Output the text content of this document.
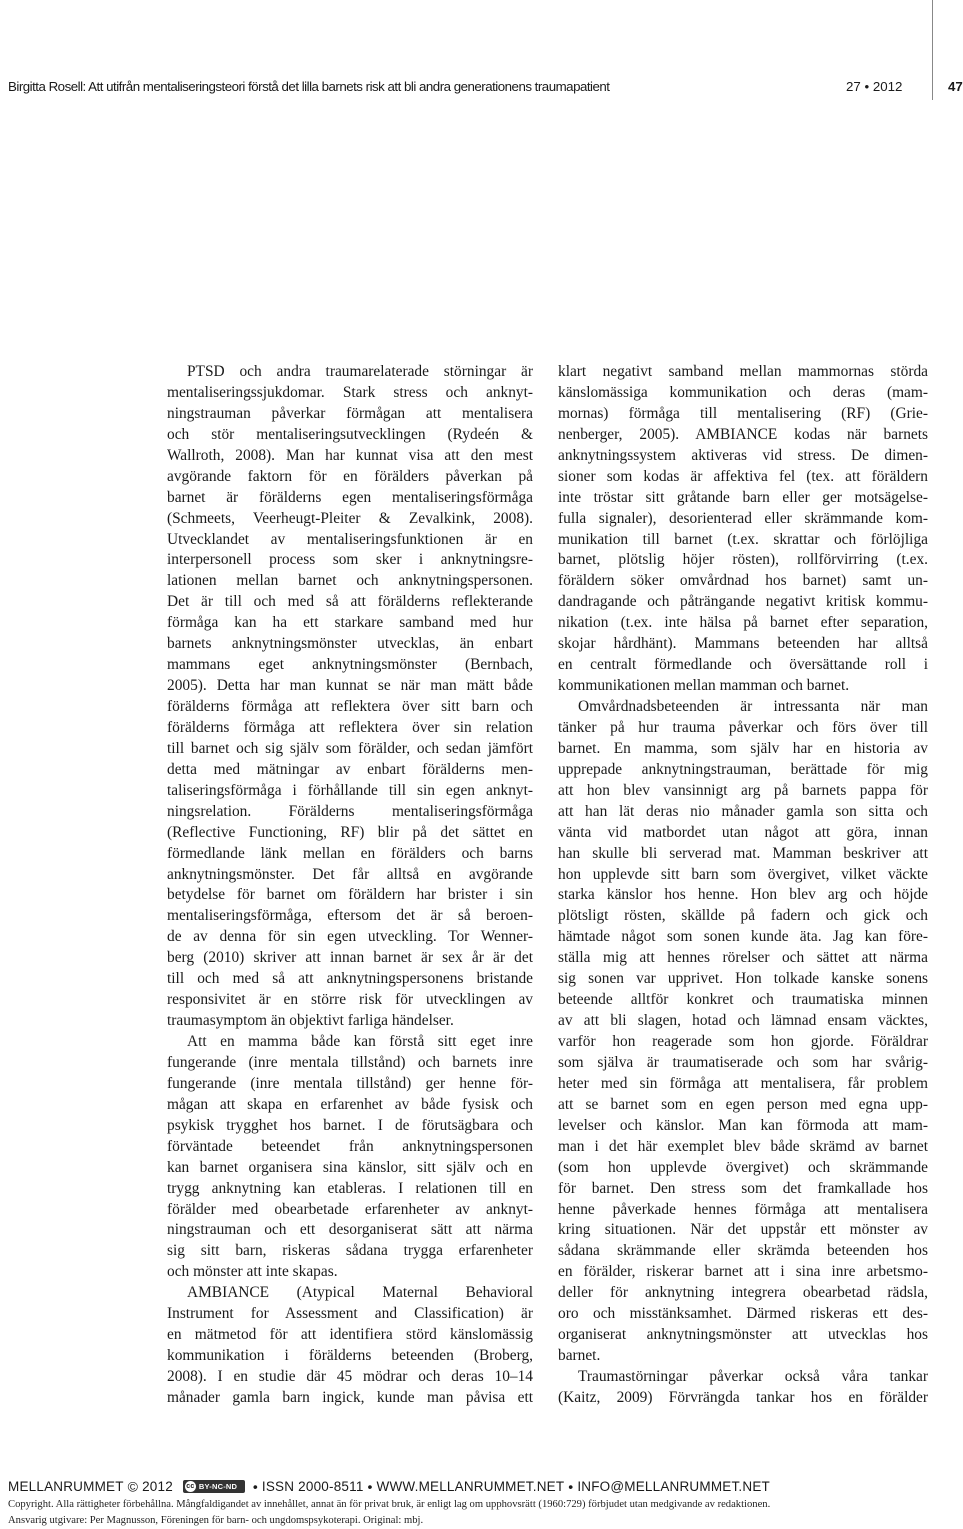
Birgitta Rosell: Att utifrån mentaliseringsteori förstå det lilla barnets risk att bli andra generationens traumapatient	27 • 2012	47
PTSD och andra traumarelaterade störningar är
mentaliseringssjukdomar. Stark stress och anknyt-
ningstrauman påverkar förmågan att mentalisera
och stör mentaliseringsutvecklingen (Rydeén &
Wallroth, 2008). Man har kunnat visa att den mest
avgörande faktorn för en förälders påverkan på
barnet är förälderns egen mentaliseringsförmåga
(Schmeets, Veerheugt-Pleiter & Zevalkink, 2008).
Utvecklandet av mentaliseringsfunktionen är en
interpersonell process som sker i anknytningsre-
lationen mellan barnet och anknytningspersonen.
Det är till och med så att förälderns reflekterande
förmåga kan ha ett starkare samband med hur
barnets anknytningsmönster utvecklas, än enbart
mammans eget anknytningsmönster (Bernbach,
2005). Detta har man kunnat se när man mätt både
förälderns förmåga att reflektera över sitt barn och
förälderns förmåga att reflektera över sin relation
till barnet och sig själv som förälder, och sedan jämfört
detta med mätningar av enbart förälderns men-
taliseringsförmåga i förhållande till sin egen anknyt-
ningsrelation. Förälderns mentaliseringsförmåga
(Reflective Functioning, RF) blir på det sättet en
förmedlande länk mellan en förälders och barns
anknytningsmönster. Det får alltså en avgörande
betydelse för barnet om föräldern har brister i sin
mentaliseringsförmåga, eftersom det är så beroen-
de av denna för sin egen utveckling. Tor Wenner-
berg (2010) skriver att innan barnet är sex år är det
till och med så att anknytningspersonens bristande
responsivitet är en större risk för utvecklingen av
traumasymptom än objektivt farliga händelser.
Att en mamma både kan förstå sitt eget inre
fungerande (inre mentala tillstånd) och barnets inre
fungerande (inre mentala tillstånd) ger henne för-
mågan att skapa en erfarenhet av både fysisk och
psykisk trygghet hos barnet. I de förutsägbara och
förväntade beteendet från anknytningspersonen
kan barnet organisera sina känslor, sitt själv och en
trygg anknytning kan etableras. I relationen till en
förälder med obearbetade erfarenheter av anknyt-
ningstrauman och ett desorganiserat sätt att närma
sig sitt barn, riskeras sådana trygga erfarenheter
och mönster att inte skapas.
AMBIANCE (Atypical Maternal Behavioral
Instrument for Assessment and Classification) är
en mätmetod för att identifiera störd känslomässig
kommunikation i förälderns beteenden (Broberg,
2008). I en studie där 45 mödrar och deras 10–14
månader gamla barn ingick, kunde man påvisa ett
klart negativt samband mellan mammornas störda
känslomässiga kommunikation och deras (mam-
mornas) förmåga till mentalisering (RF) (Grie-
nenberger, 2005). AMBIANCE kodas när barnets
anknytningssystem aktiveras vid stress. De dimen-
sioner som kodas är affektiva fel (tex. att föräldern
inte tröstar sitt gråtande barn eller ger motsägelse-
fulla signaler), desorienterad eller skrämmande kom-
munikation till barnet (t.ex. skrattar och förlöjliga
barnet, plötslig höjer rösten), rollförvirring (t.ex.
föräldern söker omvårdnad hos barnet) samt un-
dandragande och påträngande negativt kritisk kommu-
nikation (t.ex. inte hälsa på barnet efter separation,
skojar hårdhänt). Mammans beteenden har alltså
en centralt förmedlande och översättande roll i
kommunikationen mellan mamman och barnet.
Omvårdnadsbeteenden är intressanta när man
tänker på hur trauma påverkar och förs över till
barnet. En mamma, som själv har en historia av
upprepade anknytningstrauman, berättade för mig
att hon blev vansinnigt arg på barnets pappa för
att han lät deras nio månader gamla son sitta och
vänta vid matbordet utan något att göra, innan
han skulle bli serverad mat. Mamman beskriver att
hon upplevde sitt barn som övergivet, vilket väckte
starka känslor hos henne. Hon blev arg och höjde
plötsligt rösten, skällde på fadern och gick och
hämtade något som sonen kunde äta. Jag kan före-
ställa mig att hennes rörelser och sättet att närma
sig sonen var upprivet. Hon tolkade kanske sonens
beteende alltför konkret och traumatiska minnen
av att bli slagen, hotad och lämnad ensam väcktes,
varför hon reagerade som hon gjorde. Föräldrar
som själva är traumatiserade och som har svårig-
heter med sin förmåga att mentalisera, får problem
att se barnet som en egen person med egna upp-
levelser och känslor. Man kan förmoda att mam-
man i det här exemplet blev både skrämd av barnet
(som hon upplevde övergivet) och skrämmande
för barnet. Den stress som det framkallade hos
henne påverkade hennes förmåga att mentalisera
kring situationen. När det uppstår ett mönster av
sådana skrämmande eller skrämda beteenden hos
en förälder, riskerar barnet att i sina inre arbetsmo-
deller för anknytning integrera obearbetad rädsla,
oro och misstänksamhet. Därmed riskeras ett des-
organiserat anknytningsmönster att utvecklas hos
barnet.
Traumastörningar påverkar också våra tankar
(Kaitz, 2009) Förvrängda tankar hos en förälder
MELLANRUMMET © 2012 cc BY-NC-ND • ISSN 2000-8511 • WWW.MELLANRUMMET.NET • INFO@MELLANRUMMET.NET
Copyright. Alla rättigheter förbehållna. Mångfaldigandet av innehållet, annat än för privat bruk, är enligt lag om upphovsrätt (1960:729) förbjudet utan medgivande av redaktionen.
Ansvarig utgivare: Per Magnusson, Föreningen för barn- och ungdomspsykoterapi. Original: mbj.
